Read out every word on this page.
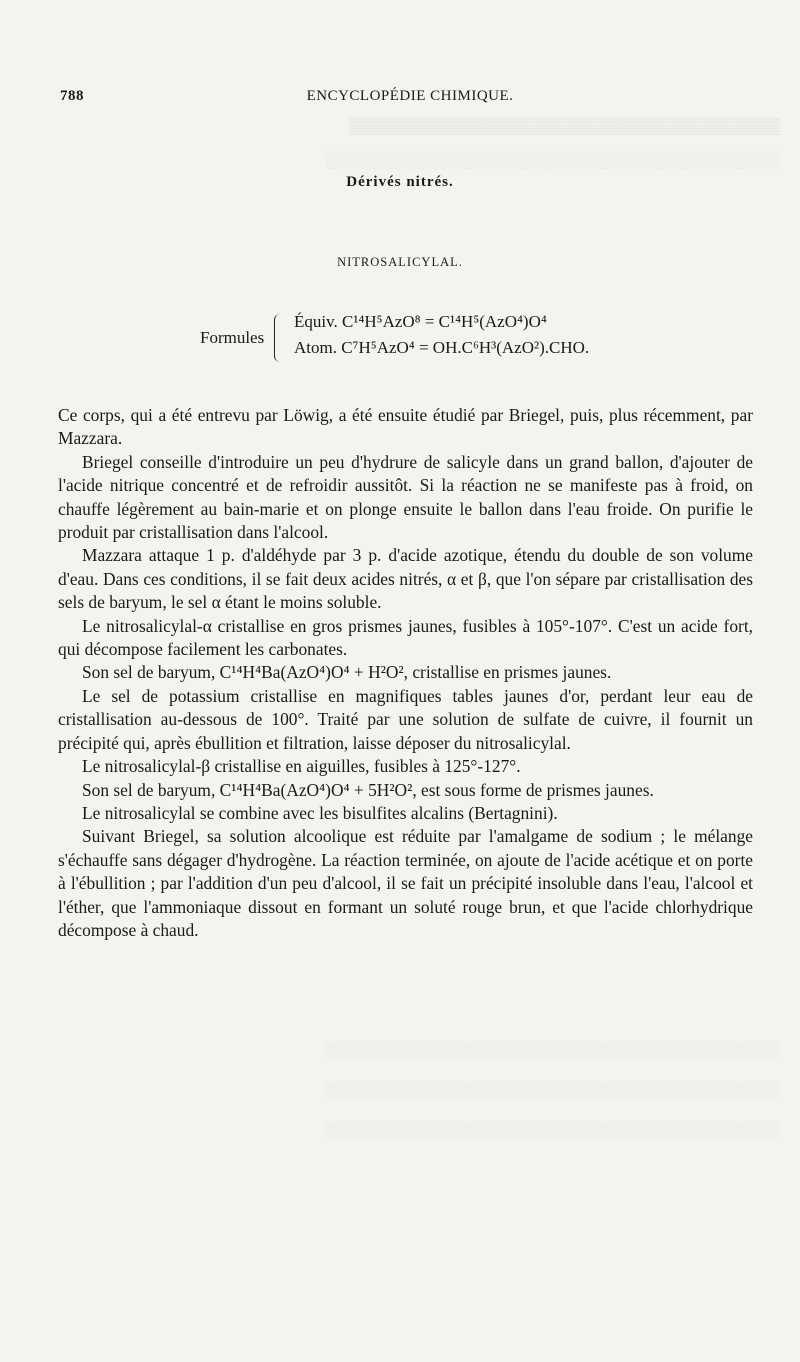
▒▒▒▒▒▒▒▒▒▒▒▒▒▒▒▒▒▒▒▒▒▒▒▒▒▒▒▒▒▒▒▒▒▒▒▒▒▒
░░░░░░░░░░░░░░░░░░░░░░░░░░░░░░░░░░░░░░░░
░░░░░░░░░░░░░░░░░░░░░░░░░░░░░░░░░░░░░░░░
░░░░░░░░░░░░░░░░░░░░░░░░░░░░░░░░░░░░░░░░
░░░░░░░░░░░░░░░░░░░░░░░░░░░░░░░░░░░░░░░░
788	ENCYCLOPÉDIE CHIMIQUE.
Dérivés nitrés.
NITROSALICYLAL.
Formules
Équiv. C¹⁴H⁵AzO⁸ = C¹⁴H⁵(AzO⁴)O⁴
Atom. C⁷H⁵AzO⁴ = OH.C⁶H³(AzO²).CHO.

Ce corps, qui a été entrevu par Löwig, a été ensuite étudié par Briegel, puis, plus récemment, par Mazzara.

Briegel conseille d'introduire un peu d'hydrure de salicyle dans un grand ballon, d'ajouter de l'acide nitrique concentré et de refroidir aussitôt. Si la réaction ne se manifeste pas à froid, on chauffe légèrement au bain-marie et on plonge ensuite le ballon dans l'eau froide. On purifie le produit par cristallisation dans l'alcool.

Mazzara attaque 1 p. d'aldéhyde par 3 p. d'acide azotique, étendu du double de son volume d'eau. Dans ces conditions, il se fait deux acides nitrés, α et β, que l'on sépare par cristallisation des sels de baryum, le sel α étant le moins soluble.

Le nitrosalicylal-α cristallise en gros prismes jaunes, fusibles à 105°-107°. C'est un acide fort, qui décompose facilement les carbonates.

Son sel de baryum, C¹⁴H⁴Ba(AzO⁴)O⁴ + H²O², cristallise en prismes jaunes.

Le sel de potassium cristallise en magnifiques tables jaunes d'or, perdant leur eau de cristallisation au-dessous de 100°. Traité par une solution de sulfate de cuivre, il fournit un précipité qui, après ébullition et filtration, laisse déposer du nitrosalicylal.

Le nitrosalicylal-β cristallise en aiguilles, fusibles à 125°-127°.

Son sel de baryum, C¹⁴H⁴Ba(AzO⁴)O⁴ + 5H²O², est sous forme de prismes jaunes.

Le nitrosalicylal se combine avec les bisulfites alcalins (Bertagnini).

Suivant Briegel, sa solution alcoolique est réduite par l'amalgame de sodium ; le mélange s'échauffe sans dégager d'hydrogène. La réaction terminée, on ajoute de l'acide acétique et on porte à l'ébullition ; par l'addition d'un peu d'alcool, il se fait un précipité insoluble dans l'eau, l'alcool et l'éther, que l'ammoniaque dissout en formant un soluté rouge brun, et que l'acide chlorhydrique décompose à chaud.
